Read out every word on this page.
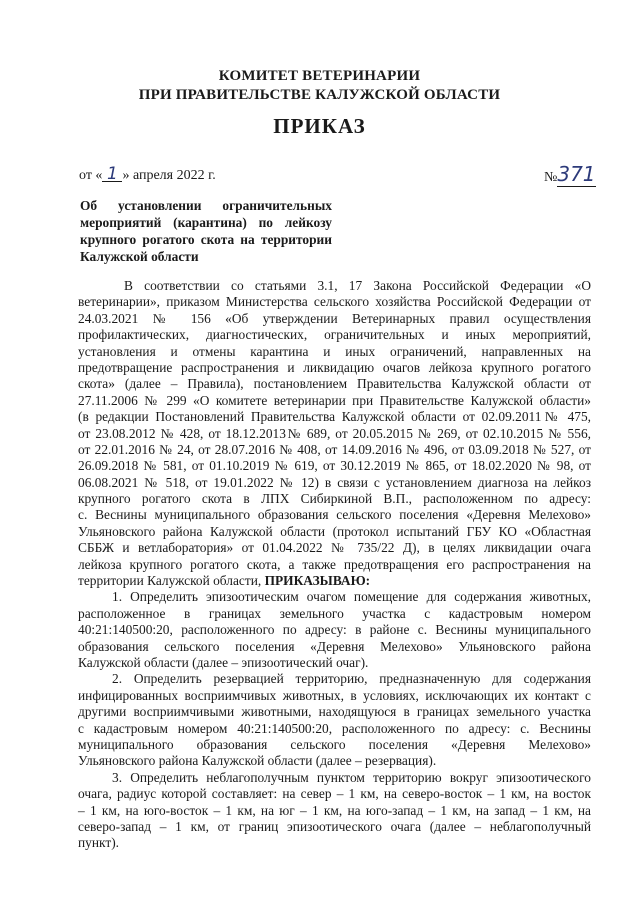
КОМИТЕТ ВЕТЕРИНАРИИ
ПРИ ПРАВИТЕЛЬСТВЕ КАЛУЖСКОЙ ОБЛАСТИ
ПРИКАЗ
от « 1 » апреля 2022 г.	№371
Об установлении ограничительных
мероприятий (карантина) по лейкозу
крупного рогатого скота на территории
Калужской области
В соответствии со статьями 3.1, 17 Закона Российской Федерации «О
ветеринарии», приказом Министерства сельского хозяйства Российской Федерации от
24.03.2021 № 156 «Об утверждении Ветеринарных правил осуществления
профилактических, диагностических, ограничительных и иных мероприятий,
установления и отмены карантина и иных ограничений, направленных на
предотвращение распространения и ликвидацию очагов лейкоза крупного рогатого
скота» (далее – Правила), постановлением Правительства Калужской области от
27.11.2006 № 299 «О комитете ветеринарии при Правительстве Калужской области»
(в редакции Постановлений Правительства Калужской области от 02.09.2011№ 475,
от 23.08.2012 № 428, от 18.12.2013№ 689, от 20.05.2015 № 269, от 02.10.2015 № 556,
от 22.01.2016 № 24, от 28.07.2016 № 408, от 14.09.2016 № 496, от 03.09.2018 № 527, от
26.09.2018 № 581, от 01.10.2019 № 619, от 30.12.2019 № 865, от 18.02.2020 № 98, от
06.08.2021 № 518, от 19.01.2022 № 12) в связи с установлением диагноза на лейкоз
крупного рогатого скота в ЛПХ Сибиркиной В.П., расположенном по адресу:
с. Веснины муниципального образования сельского поселения «Деревня Мелехово»
Ульяновского района Калужской области (протокол испытаний ГБУ КО «Областная
СББЖ и ветлаборатория» от 01.04.2022 № 735/22 Д), в целях ликвидации очага
лейкоза крупного рогатого скота, а также предотвращения его распространения на
территории Калужской области, ПРИКАЗЫВАЮ:
1. Определить эпизоотическим очагом помещение для содержания животных,
расположенное в границах земельного участка с кадастровым номером
40:21:140500:20, расположенного по адресу: в районе с. Веснины муниципального
образования сельского поселения «Деревня Мелехово» Ульяновского района
Калужской области (далее – эпизоотический очаг).
2. Определить резервацией территорию, предназначенную для содержания
инфицированных восприимчивых животных, в условиях, исключающих их контакт с
другими восприимчивыми животными, находящуюся в границах земельного участка
с кадастровым номером 40:21:140500:20, расположенного по адресу: с. Веснины
муниципального образования сельского поселения «Деревня Мелехово»
Ульяновского района Калужской области (далее – резервация).
3. Определить неблагополучным пунктом территорию вокруг эпизоотического
очага, радиус которой составляет: на север – 1 км, на северо-восток – 1 км, на восток
– 1 км, на юго-восток – 1 км, на юг – 1 км, на юго-запад – 1 км, на запад – 1 км, на
северо-запад – 1 км, от границ эпизоотического очага (далее – неблагополучный
пункт).
